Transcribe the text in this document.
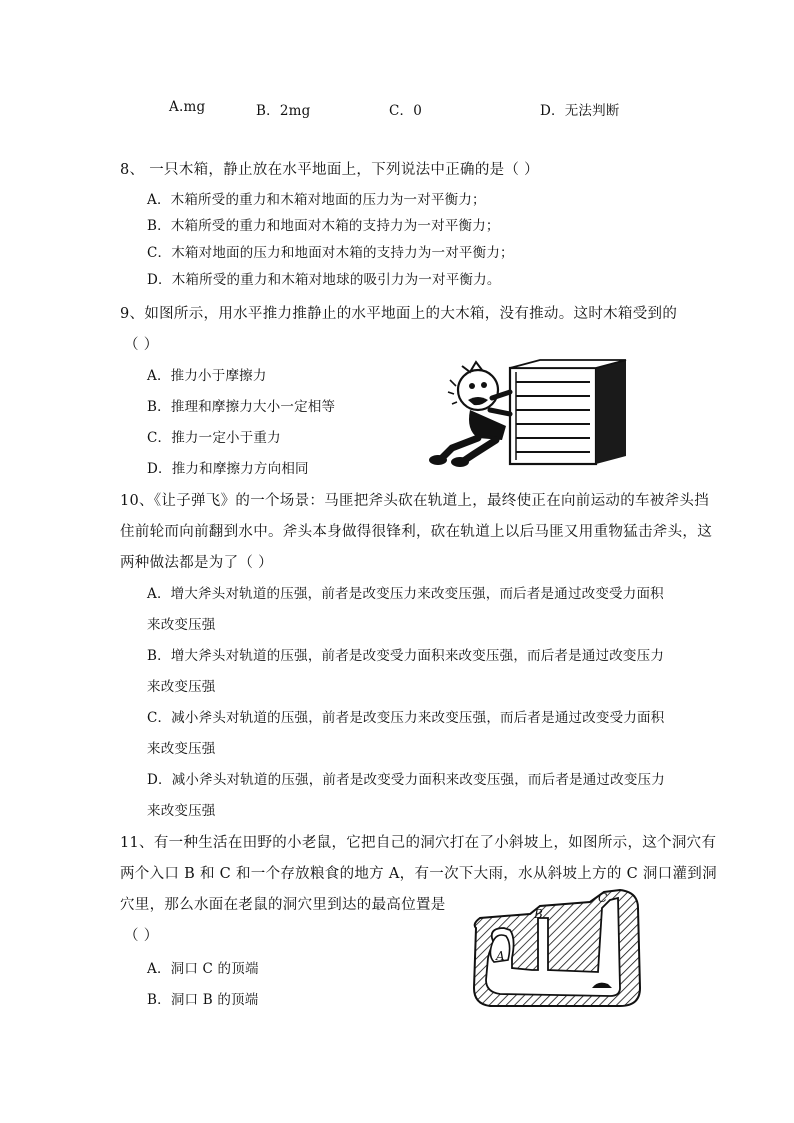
A.mg	B．2mg	C．0	D．无法判断
8、 一只木箱，静止放在水平地面上，下列说法中正确的是（ ）
A．木箱所受的重力和木箱对地面的压力为一对平衡力；
B．木箱所受的重力和地面对木箱的支持力为一对平衡力；
C．木箱对地面的压力和地面对木箱的支持力为一对平衡力；
D．木箱所受的重力和木箱对地球的吸引力为一对平衡力。
9、如图所示，用水平推力推静止的水平地面上的大木箱，没有推动。这时木箱受到的
（ ）
A．推力小于摩擦力
B．推理和摩擦力大小一定相等
C．推力一定小于重力
D．推力和摩擦力方向相同
10、《让子弹飞》的一个场景：马匪把斧头砍在轨道上，最终使正在向前运动的车被斧头挡
住前轮而向前翻到水中。斧头本身做得很锋利，砍在轨道上以后马匪又用重物猛击斧头，这
两种做法都是为了（ ）
A．增大斧头对轨道的压强，前者是改变压力来改变压强，而后者是通过改变受力面积
来改变压强
B．增大斧头对轨道的压强，前者是改变受力面积来改变压强，而后者是通过改变压力
来改变压强
C．减小斧头对轨道的压强，前者是改变压力来改变压强，而后者是通过改变受力面积
来改变压强
D．减小斧头对轨道的压强，前者是改变受力面积来改变压强，而后者是通过改变压力
来改变压强
11、有一种生活在田野的小老鼠，它把自己的洞穴打在了小斜坡上，如图所示，这个洞穴有
两个入口 B 和 C 和一个存放粮食的地方 A，有一次下大雨，水从斜坡上方的 C 洞口灌到洞
穴里，那么水面在老鼠的洞穴里到达的最高位置是
（ ）
A．洞口 C 的顶端
B．洞口 B 的顶端
A
B
C
